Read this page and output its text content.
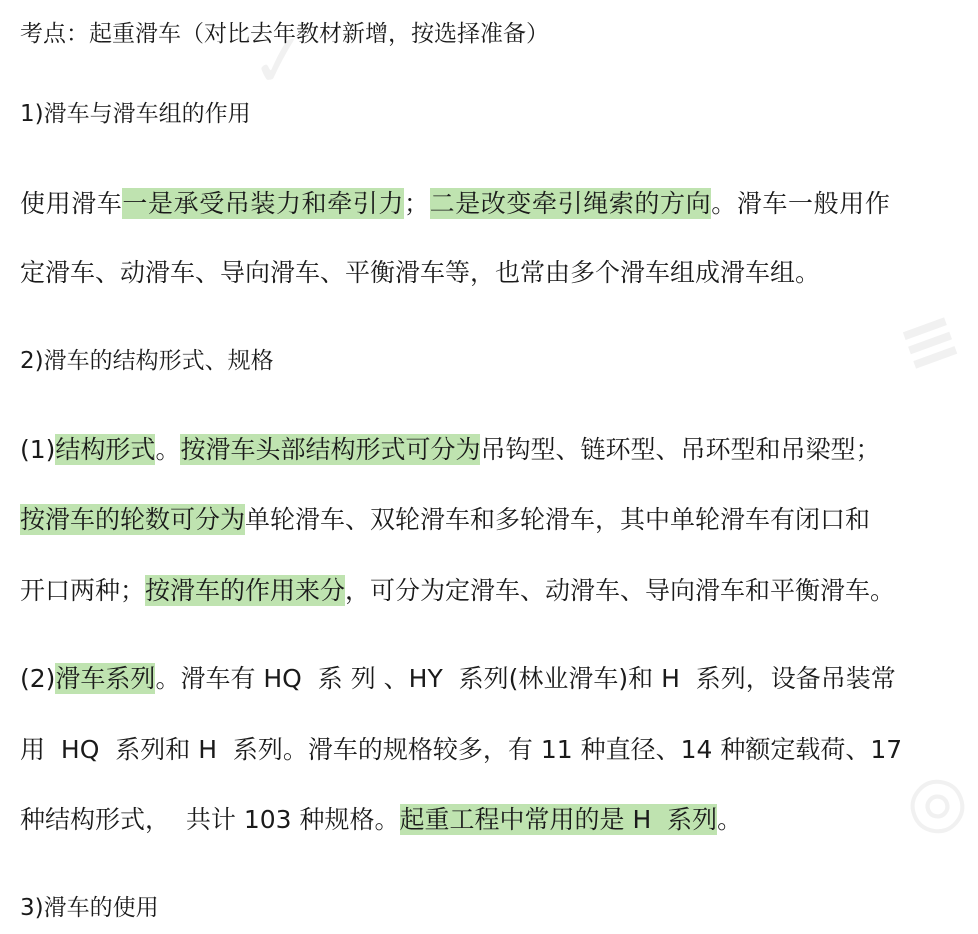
✓
≡
◎
考点：起重滑车（对比去年教材新增，按选择准备）
1)滑车与滑车组的作用
使用滑车一是承受吊装力和牵引力；二是改变牵引绳索的方向。滑车一般用作
定滑车、动滑车、导向滑车、平衡滑车等，也常由多个滑车组成滑车组。
2)滑车的结构形式、规格
(1)结构形式。按滑车头部结构形式可分为吊钩型、链环型、吊环型和吊梁型；
按滑车的轮数可分为单轮滑车、双轮滑车和多轮滑车，其中单轮滑车有闭口和
开口两种；按滑车的作用来分，可分为定滑车、动滑车、导向滑车和平衡滑车。
(2)滑车系列。滑车有 HQ  系 列 、HY  系列(林业滑车)和 H  系列，设备吊装常
用  HQ  系列和 H  系列。滑车的规格较多，有 11 种直径、14 种额定载荷、17
种结构形式，  共计 103 种规格。起重工程中常用的是 H  系列。
3)滑车的使用
